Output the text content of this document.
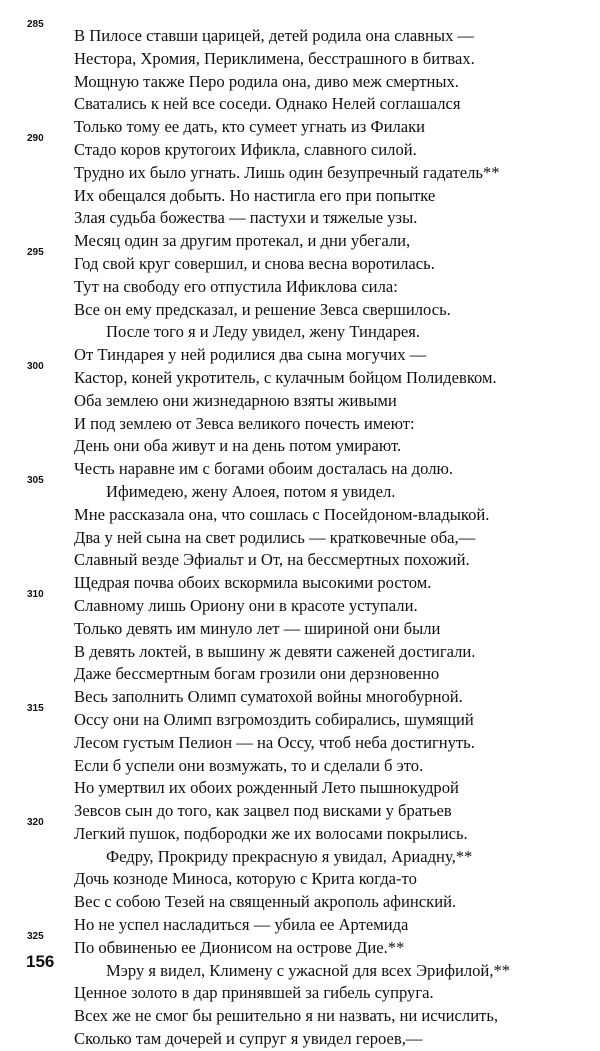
285
В Пилосе ставши царицей, детей родила она славных —
Нестора, Хромия, Периклимена, бесстрашного в битвах.
Мощную также Перо родила она, диво меж смертных.
Сватались к ней все соседи. Однако Нелей соглашался
Только тому ее дать, кто сумеет угнать из Филаки
290
Стадо коров крутогоих Ификла, славного силой.
Трудно их было угнать. Лишь один безупречный гадатель**
Их обещался добыть. Но настигла его при попытке
Злая судьба божества — пастухи и тяжелые узы.
Месяц один за другим протекал, и дни убегали,
295
Год свой круг совершил, и снова весна воротилась.
Тут на свободу его отпустила Ификлова сила:
Все он ему предсказал, и решение Зевса свершилось.
После того я и Леду увидел, жену Тиндарея.
От Тиндарея у ней родилися два сына могучих —
300
Кастор, коней укротитель, с кулачным бойцом Полидевком.
Оба землею они жизнедарною взяты живыми
И под землею от Зевса великого почесть имеют:
День они оба живут и на день потом умирают.
Честь наравне им с богами обоим досталась на долю.
305
Ифимедею, жену Алоея, потом я увидел.
Мне рассказала она, что сошлась с Посейдоном-владыкой.
Два у ней сына на свет родились — кратковечные оба,—
Славный везде Эфиальт и От, на бессмертных похожий.
Щедрая почва обоих вскормила высокими ростом.
310
Славному лишь Ориону они в красоте уступали.
Только девять им минуло лет — шириной они были
В девять локтей, в вышину ж девяти саженей достигали.
Даже бессмертным богам грозили они дерзновенно
Весь заполнить Олимп суматохой войны многобурной.
315
Оссу они на Олимп взгромоздить собирались, шумящий
Лесом густым Пелион — на Оссу, чтоб неба достигнуть.
Если б успели они возмужать, то и сделали б это.
Но умертвил их обоих рожденный Лето пышнокудрой
Зевсов сын до того, как зацвел под висками у братьев
320
Легкий пушок, подбородки же их волосами покрылись.
Федру, Прокриду прекрасную я увидал, Ариадну,**
Дочь козноде Миноса, которую с Крита когда-то
Вес с собою Тезей на священный акрополь афинский.
Но не успел насладиться — убила ее Артемида
325
По обвиненью ее Дионисом на острове Дие.**
Мэру я видел, Климену с ужасной для всех Эрифилой,**
Ценное золото в дар принявшей за гибель супруга.
Всех же не смог бы решительно я ни назвать, ни исчислить,
Сколько там дочерей и супруг я увидел героев,—
156
